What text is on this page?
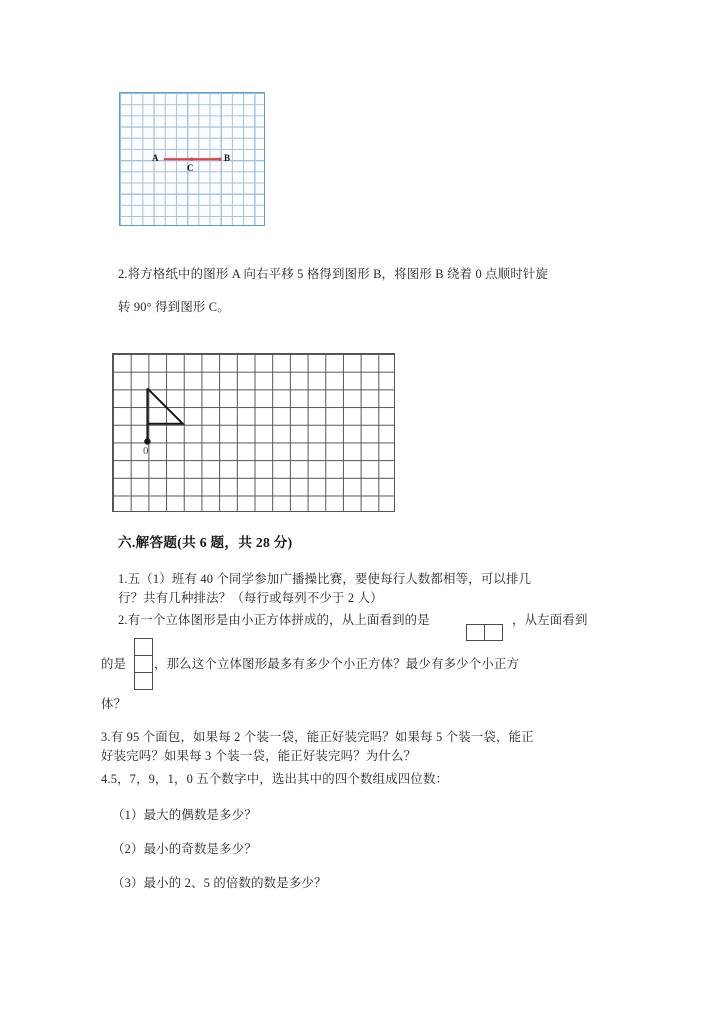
A	B
C
2.将方格纸中的图形 A 向右平移 5 格得到图形 B，将图形 B 绕着 0 点顺时针旋
转 90° 得到图形 C。
0
六.解答题(共 6 题，共 28 分)
1.五（1）班有 40 个同学参加广播操比赛，要使每行人数都相等，可以排几
行？共有几种排法？（每行或每列不少于 2 人）
2.有一个立体图形是由小正方体拼成的，从上面看到的是	，从左面看到
的是	，那么这个立体图形最多有多少个小正方体？最少有多少个小正方
体？
3.有 95 个面包，如果每 2 个装一袋，能正好装完吗？如果每 5 个装一袋，能正
好装完吗？如果每 3 个装一袋，能正好装完吗？为什么？
4.5，7，9，1，0 五个数字中，选出其中的四个数组成四位数：
（1）最大的偶数是多少？
（2）最小的奇数是多少？
（3）最小的 2、5 的倍数的数是多少？
